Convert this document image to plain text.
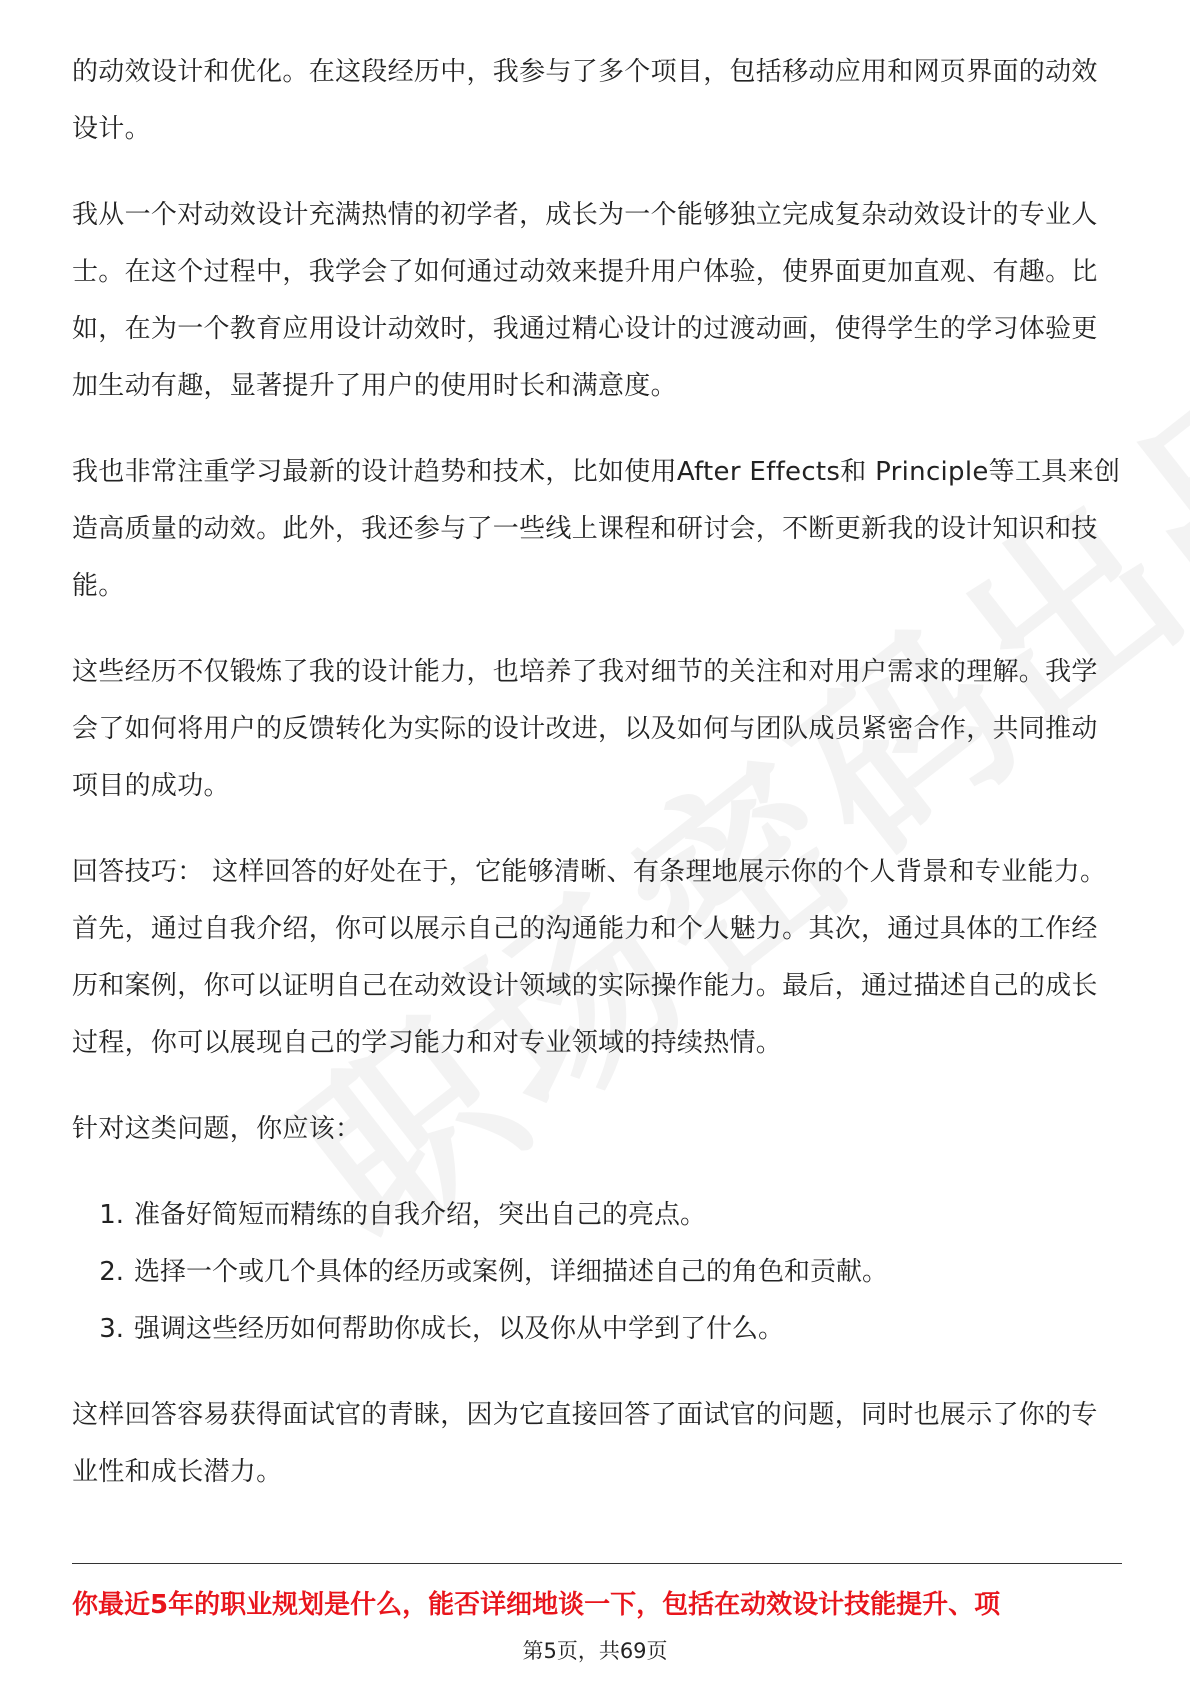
的动效设计和优化。在这段经历中，我参与了多个项目，包括移动应用和网页界面的动效设计。

我从一个对动效设计充满热情的初学者，成长为一个能够独立完成复杂动效设计的专业人士。在这个过程中，我学会了如何通过动效来提升用户体验，使界面更加直观、有趣。比如，在为一个教育应用设计动效时，我通过精心设计的过渡动画，使得学生的学习体验更加生动有趣，显著提升了用户的使用时长和满意度。

我也非常注重学习最新的设计趋势和技术，比如使用After Effects和 Principle等工具来创造高质量的动效。此外，我还参与了一些线上课程和研讨会，不断更新我的设计知识和技能。

这些经历不仅锻炼了我的设计能力，也培养了我对细节的关注和对用户需求的理解。我学会了如何将用户的反馈转化为实际的设计改进，以及如何与团队成员紧密合作，共同推动项目的成功。

回答技巧： 这样回答的好处在于，它能够清晰、有条理地展示你的个人背景和专业能力。首先，通过自我介绍，你可以展示自己的沟通能力和个人魅力。其次，通过具体的工作经历和案例，你可以证明自己在动效设计领域的实际操作能力。最后，通过描述自己的成长过程，你可以展现自己的学习能力和对专业领域的持续热情。

针对这类问题，你应该：

1. 准备好简短而精练的自我介绍，突出自己的亮点。
2. 选择一个或几个具体的经历或案例，详细描述自己的角色和贡献。
3. 强调这些经历如何帮助你成长，以及你从中学到了什么。

这样回答容易获得面试官的青睐，因为它直接回答了面试官的问题，同时也展示了你的专业性和成长潜力。

你最近5年的职业规划是什么，能否详细地谈一下，包括在动效设计技能提升、项
第5页，共69页
